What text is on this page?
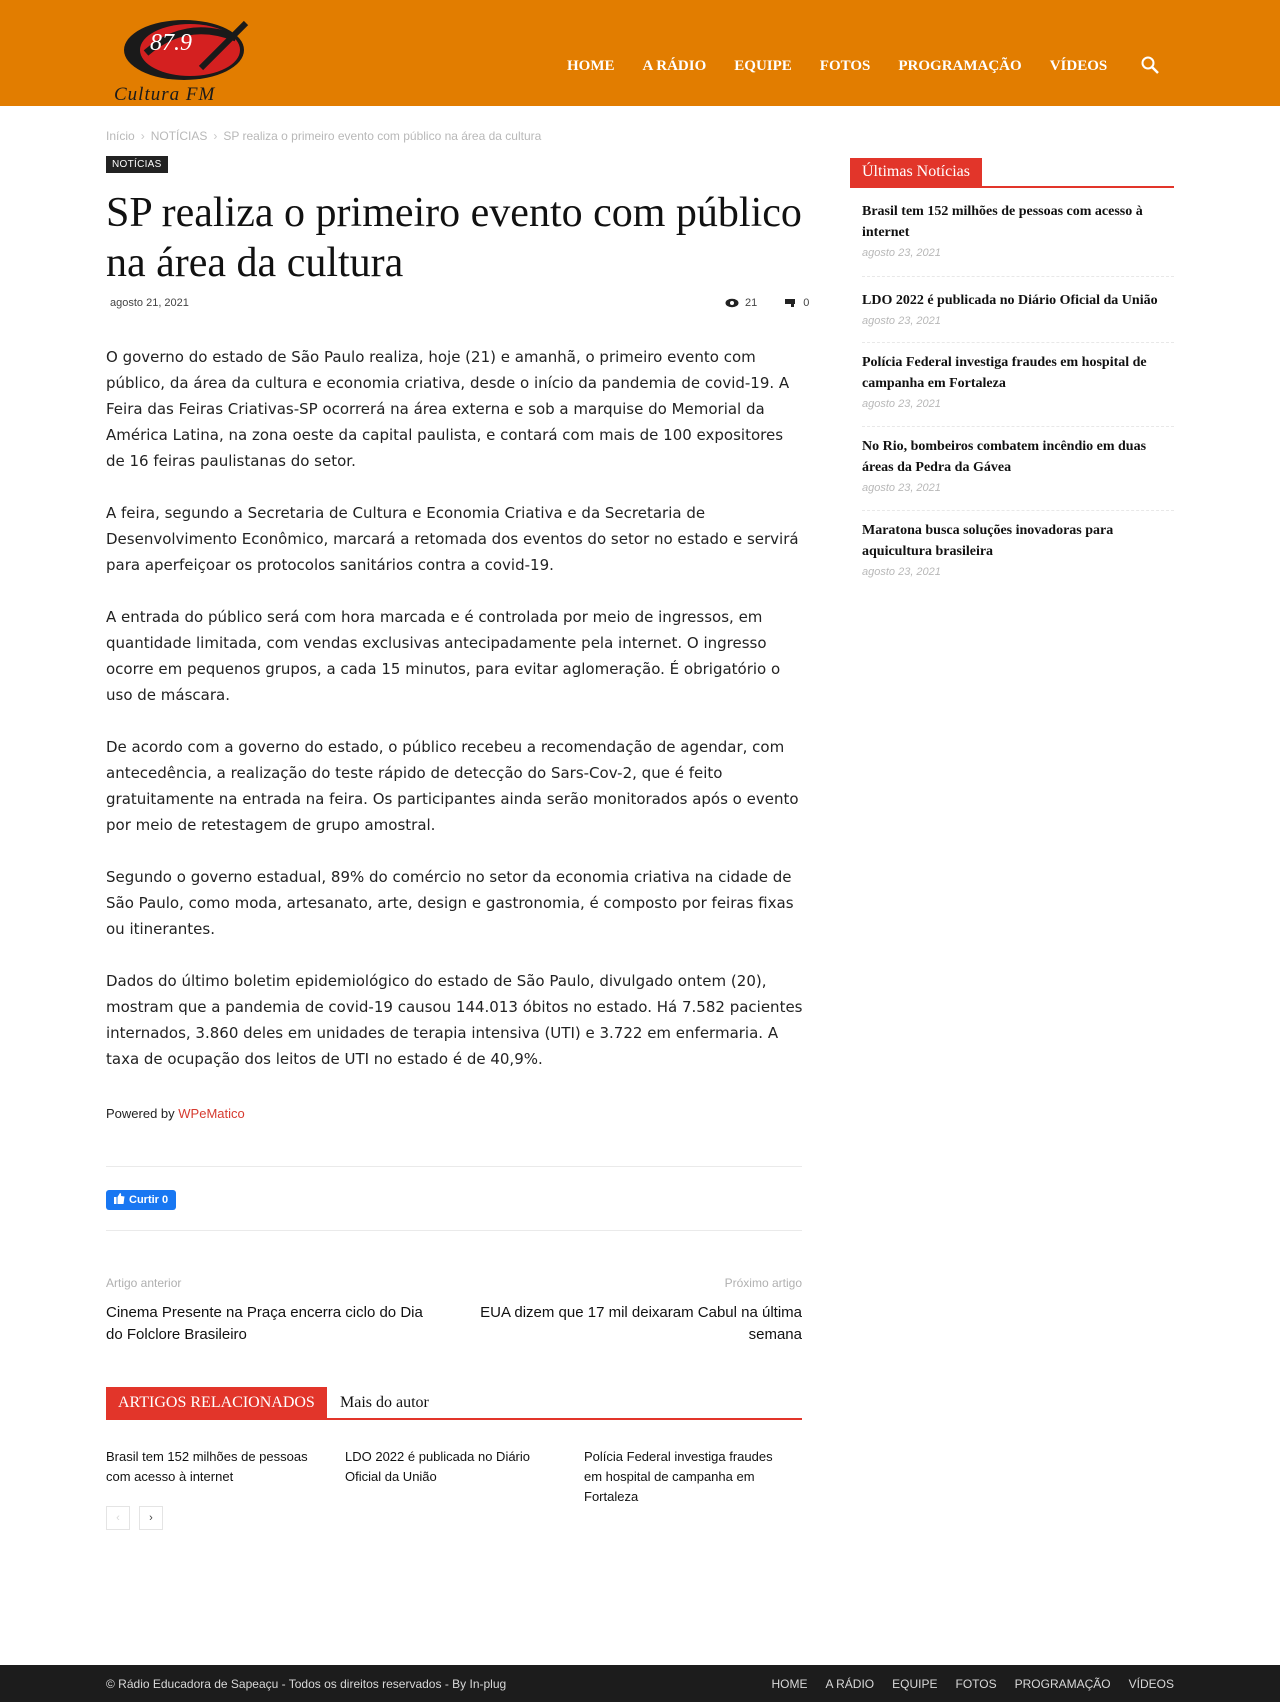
87.9
Cultura FM
HOME A RÁDIO EQUIPE FOTOS PROGRAMAÇÃO VÍDEOS
Início › NOTÍCIAS › SP realiza o primeiro evento com público na área da cultura
NOTÍCIAS
SP realiza o primeiro evento com público na área da cultura
agosto 21, 2021	21	0

O governo do estado de São Paulo realiza, hoje (21) e amanhã, o primeiro evento com público, da área da cultura e economia criativa, desde o início da pandemia de covid-19. A Feira das Feiras Criativas-SP ocorrerá na área externa e sob a marquise do Memorial da América Latina, na zona oeste da capital paulista, e contará com mais de 100 expositores de 16 feiras paulistanas do setor.

A feira, segundo a Secretaria de Cultura e Economia Criativa e da Secretaria de Desenvolvimento Econômico, marcará a retomada dos eventos do setor no estado e servirá para aperfeiçoar os protocolos sanitários contra a covid-19.

A entrada do público será com hora marcada e é controlada por meio de ingressos, em quantidade limitada, com vendas exclusivas antecipadamente pela internet. O ingresso ocorre em pequenos grupos, a cada 15 minutos, para evitar aglomeração. É obrigatório o uso de máscara.

De acordo com a governo do estado, o público recebeu a recomendação de agendar, com antecedência, a realização do teste rápido de detecção do Sars-Cov-2, que é feito gratuitamente na entrada na feira. Os participantes ainda serão monitorados após o evento por meio de retestagem de grupo amostral.

Segundo o governo estadual, 89% do comércio no setor da economia criativa na cidade de São Paulo, como moda, artesanato, arte, design e gastronomia, é composto por feiras fixas ou itinerantes.

Dados do último boletim epidemiológico do estado de São Paulo, divulgado ontem (20), mostram que a pandemia de covid-19 causou 144.013 óbitos no estado. Há 7.582 pacientes internados, 3.860 deles em unidades de terapia intensiva (UTI) e 3.722 em enfermaria. A taxa de ocupação dos leitos de UTI no estado é de 40,9%.

Powered by WPeMatico
Curtir 0
Artigo anterior	Próximo artigo
Cinema Presente na Praça encerra ciclo do Dia do Folclore Brasileiro
EUA dizem que 17 mil deixaram Cabul na última semana
ARTIGOS RELACIONADOS	Mais do autor
Brasil tem 152 milhões de pessoas com acesso à internet
LDO 2022 é publicada no Diário Oficial da União
Polícia Federal investiga fraudes em hospital de campanha em Fortaleza
‹	›
Últimas Notícias
Brasil tem 152 milhões de pessoas com acesso à internet
agosto 23, 2021
LDO 2022 é publicada no Diário Oficial da União
agosto 23, 2021
Polícia Federal investiga fraudes em hospital de campanha em Fortaleza
agosto 23, 2021
No Rio, bombeiros combatem incêndio em duas áreas da Pedra da Gávea
agosto 23, 2021
Maratona busca soluções inovadoras para aquicultura brasileira
agosto 23, 2021
© Rádio Educadora de Sapeaçu - Todos os direitos reservados - By In-plug	HOME A RÁDIO EQUIPE FOTOS PROGRAMAÇÃO VÍDEOS
